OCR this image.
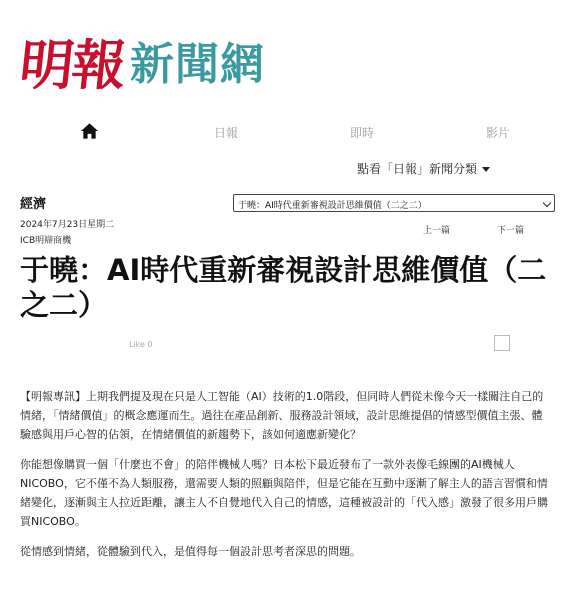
明報 新聞網
日報	即時	影片
點看「日報」新聞分類
經濟
2024年7月23日星期二
ICB明辯商機
于曉：AI時代重新審視設計思維價值（二之二）
上一篇	下一篇
于曉：AI時代重新審視設計思維價值（二之二）
Like 0

【明報專訊】上期我們提及現在只是人工智能（AI）技術的1.0階段，但同時人們從未像今天一樣關注自己的情緒，「情緒價值」的概念應運而生。過往在產品創新、服務設計領域，設計思維提倡的情感型價值主張、體驗感與用戶心智的佔領，在情緒價值的新趨勢下，該如何適應新變化？

你能想像購買一個「什麼也不會」的陪伴機械人嗎？日本松下最近發布了一款外表像毛線團的AI機械人NICOBO，它不僅不為人類服務，還需要人類的照顧與陪伴，但是它能在互動中逐漸了解主人的語言習慣和情緒變化，逐漸與主人拉近距離，讓主人不自覺地代入自己的情感，這種被設計的「代入感」激發了很多用戶購買NICOBO。

從情感到情緒，從體驗到代入，是值得每一個設計思考者深思的問題。
